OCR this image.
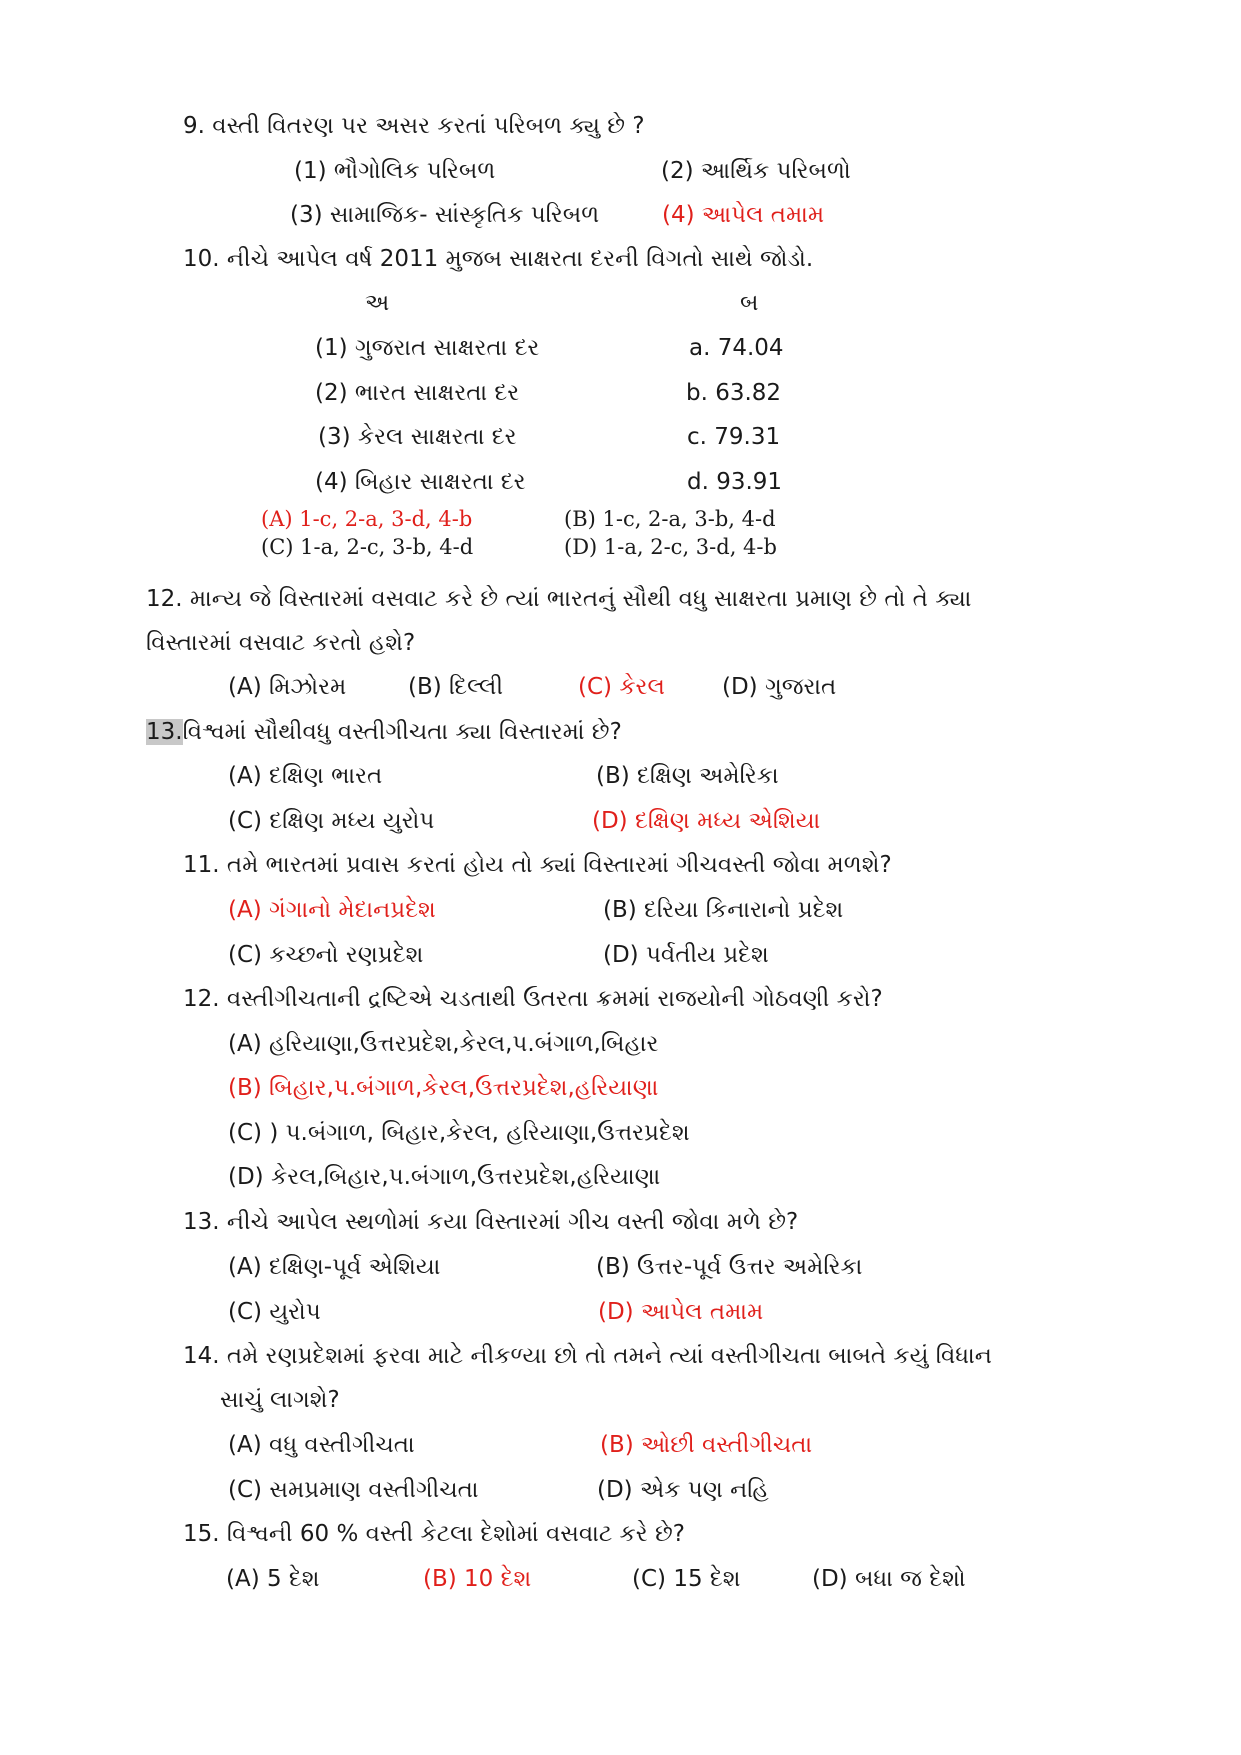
9. વસ્તી વિતરણ પર અસર કરતાં પરિબળ ક્યુ છે ?
(1) ભૌગોલિક પરિબળ	(2) આર્થિક પરિબળો
(3) સામાજિક- સાંસ્કૃતિક પરિબળ	(4) આપેલ તમામ
10. નીચે આપેલ વર્ષ 2011 મુજબ સાક્ષરતા દરની વિગતો સાથે જોડો.
અ	બ
(1) ગુજરાત સાક્ષરતા દર	a. 74.04
(2) ભારત સાક્ષરતા દર	b. 63.82
(3) કેરલ સાક્ષરતા દર	c. 79.31
(4) બિહાર સાક્ષરતા દર	d. 93.91
(A) 1-c, 2-a, 3-d, 4-b	(B) 1-c, 2-a, 3-b, 4-d
(C) 1-a, 2-c, 3-b, 4-d	(D) 1-a, 2-c, 3-d, 4-b
12. માન્ય જે વિસ્તારમાં વસવાટ કરે છે ત્યાં ભારતનું સૌથી વધુ સાક્ષરતા પ્રમાણ છે તો તે ક્યા
વિસ્તારમાં વસવાટ કરતો હશે?
(A) મિઝોરમ	(B) દિલ્લી	(C) કેરલ (D) ગુજરાત
13.વિશ્વમાં સૌથીવધુ વસ્તીગીચતા ક્યા વિસ્તારમાં છે?
(A) દક્ષિણ ભારત	(B) દક્ષિણ અમેરિકા
(C) દક્ષિણ મધ્ય યુરોપ	(D) દક્ષિણ મધ્ય એશિયા
11. તમે ભારતમાં પ્રવાસ કરતાં હોય તો ક્યાં વિસ્તારમાં ગીચવસ્તી જોવા મળશે?
(A) ગંગાનો મેદાનપ્રદેશ	(B) દરિયા કિનારાનો પ્રદેશ
(C) કચ્છનો રણપ્રદેશ	(D) પર્વતીય પ્રદેશ
12. વસ્તીગીચતાની દ્રષ્ટિએ ચડતાથી ઉતરતા ક્રમમાં રાજયોની ગોઠવણી કરો?
(A) હરિયાણા,ઉત્તરપ્રદેશ,કેરલ,પ.બંગાળ,બિહાર
(B) બિહાર,પ.બંગાળ,કેરલ,ઉત્તરપ્રદેશ,હરિયાણા
(C) ) પ.બંગાળ, બિહાર,કેરલ, હરિયાણા,ઉત્તરપ્રદેશ
(D) કેરલ,બિહાર,પ.બંગાળ,ઉત્તરપ્રદેશ,હરિયાણા
13. નીચે આપેલ સ્થળોમાં કયા વિસ્તારમાં ગીચ વસ્તી જોવા મળે છે?
(A) દક્ષિણ-પૂર્વ એશિયા	(B) ઉત્તર-પૂર્વ ઉત્તર અમેરિકા
(C) યુરોપ	(D) આપેલ તમામ
14. તમે રણપ્રદેશમાં ફરવા માટે નીકળ્યા છો તો તમને ત્યાં વસ્તીગીચતા બાબતે કયું વિધાન
સાચું લાગશે?
(A) વધુ વસ્તીગીચતા	(B) ઓછી વસ્તીગીચતા
(C) સમપ્રમાણ વસ્તીગીચતા	(D) એક પણ નહિ
15. વિશ્વની 60 % વસ્તી કેટલા દેશોમાં વસવાટ કરે છે?
(A) 5 દેશ	(B) 10 દેશ	(C) 15 દેશ	(D) બધા જ દેશો
